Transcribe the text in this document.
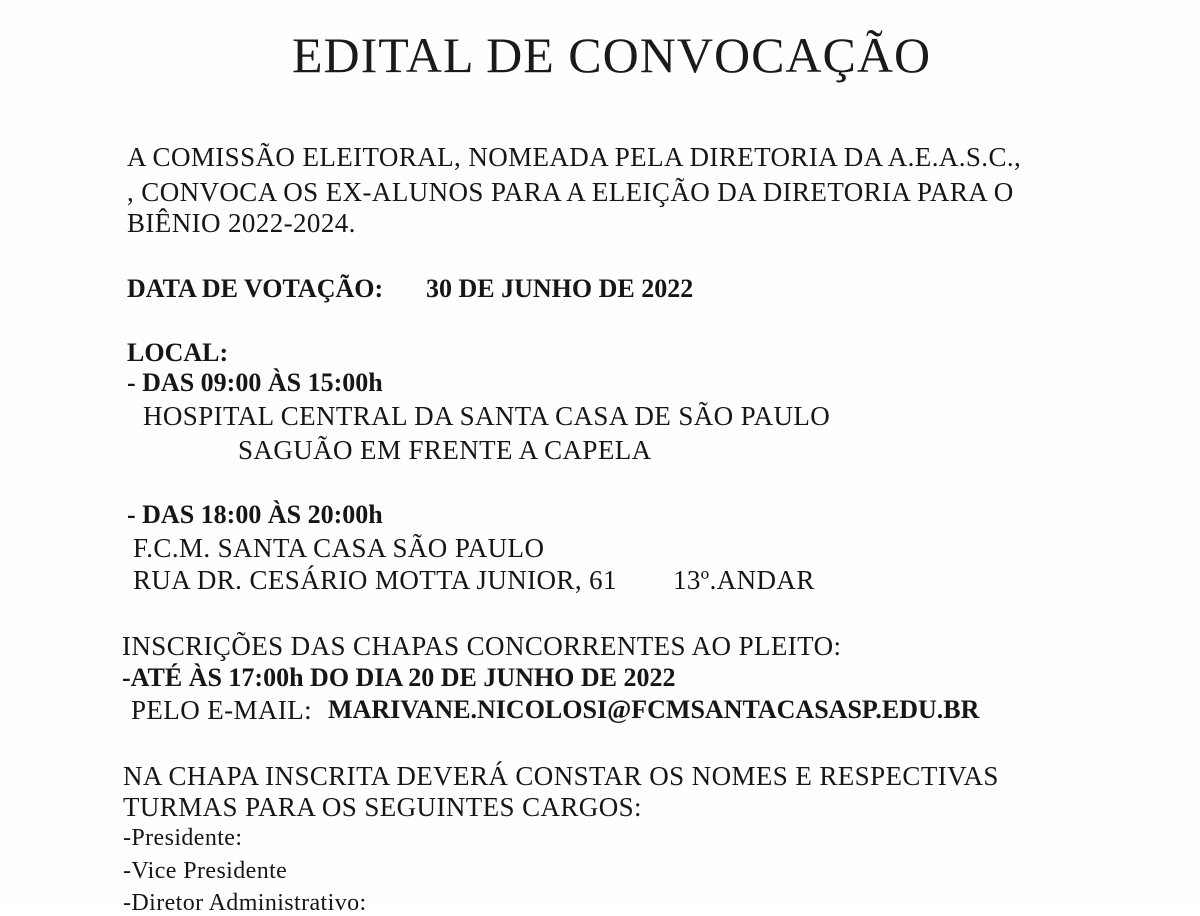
EDITAL DE CONVOCAÇÃO
A COMISSÃO ELEITORAL, NOMEADA PELA DIRETORIA DA A.E.A.S.C.,
, CONVOCA OS EX-ALUNOS PARA A ELEIÇÃO DA DIRETORIA PARA O
BIÊNIO 2022-2024.
DATA DE VOTAÇÃO: 30 DE JUNHO DE 2022
LOCAL:
- DAS 09:00 ÀS 15:00h
HOSPITAL CENTRAL DA SANTA CASA DE SÃO PAULO
SAGUÃO EM FRENTE A CAPELA
- DAS 18:00 ÀS 20:00h
F.C.M. SANTA CASA SÃO PAULO
RUA DR. CESÁRIO MOTTA JUNIOR, 61 13º.ANDAR
INSCRIÇÕES DAS CHAPAS CONCORRENTES AO PLEITO:
-ATÉ ÀS 17:00h DO DIA 20 DE JUNHO DE 2022
PELO E-MAIL: MARIVANE.NICOLOSI@FCMSANTACASASP.EDU.BR
NA CHAPA INSCRITA DEVERÁ CONSTAR OS NOMES E RESPECTIVAS
TURMAS PARA OS SEGUINTES CARGOS:
-Presidente:
-Vice Presidente
-Diretor Administrativo:
